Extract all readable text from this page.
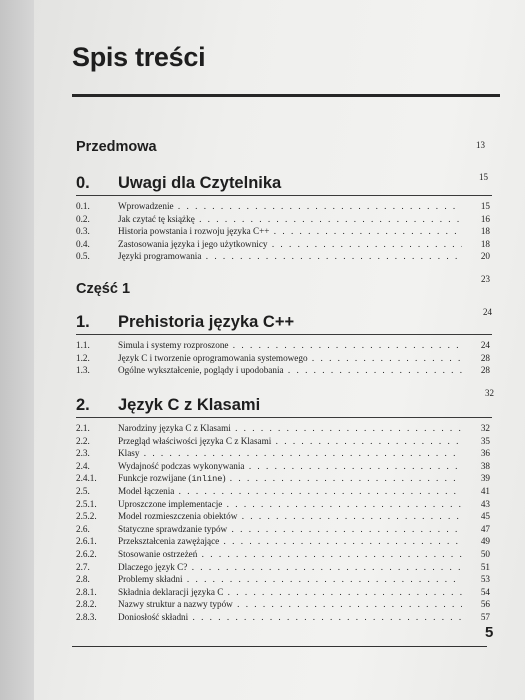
Spis treści
Przedmowa	13
15
0. Uwagi dla Czytelnika
0.1.	Wprowadzenie . . .	15
0.2.	Jak czytać tę książkę . . .	16
0.3.	Historia powstania i rozwoju języka C++ . . .	18
0.4.	Zastosowania języka i jego użytkownicy . . .	18
0.5.	Języki programowania . . .	20
23
Część 1
24
1. Prehistoria języka C++
1.1.	Simula i systemy rozproszone . . .	24
1.2.	Język C i tworzenie oprogramowania systemowego . . .	28
1.3.	Ogólne wykształcenie, poglądy i upodobania . . .	28
32
2. Język C z Klasami
2.1.	Narodziny języka C z Klasami . . .	32
2.2.	Przegląd właściwości języka C z Klasami . . .	35
2.3.	Klasy . . .	36
2.4.	Wydajność podczas wykonywania . . .	38
2.4.1. Funkcje rozwijane (inline) . . .	39
2.5.	Model łączenia . . .	41
2.5.1. Uproszczone implementacje . . .	43
2.5.2. Model rozmieszczenia obiektów . . .	45
2.6.	Statyczne sprawdzanie typów . . .	47
2.6.1. Przekształcenia zawężające . . .	49
2.6.2. Stosowanie ostrzeżeń . . .	50
2.7.	Dlaczego język C? . . .	51
2.8.	Problemy składni . . .	53
2.8.1. Składnia deklaracji języka C . . .	54
2.8.2. Nazwy struktur a nazwy typów . . .	56
2.8.3. Doniosłość składni . . .	57
5
